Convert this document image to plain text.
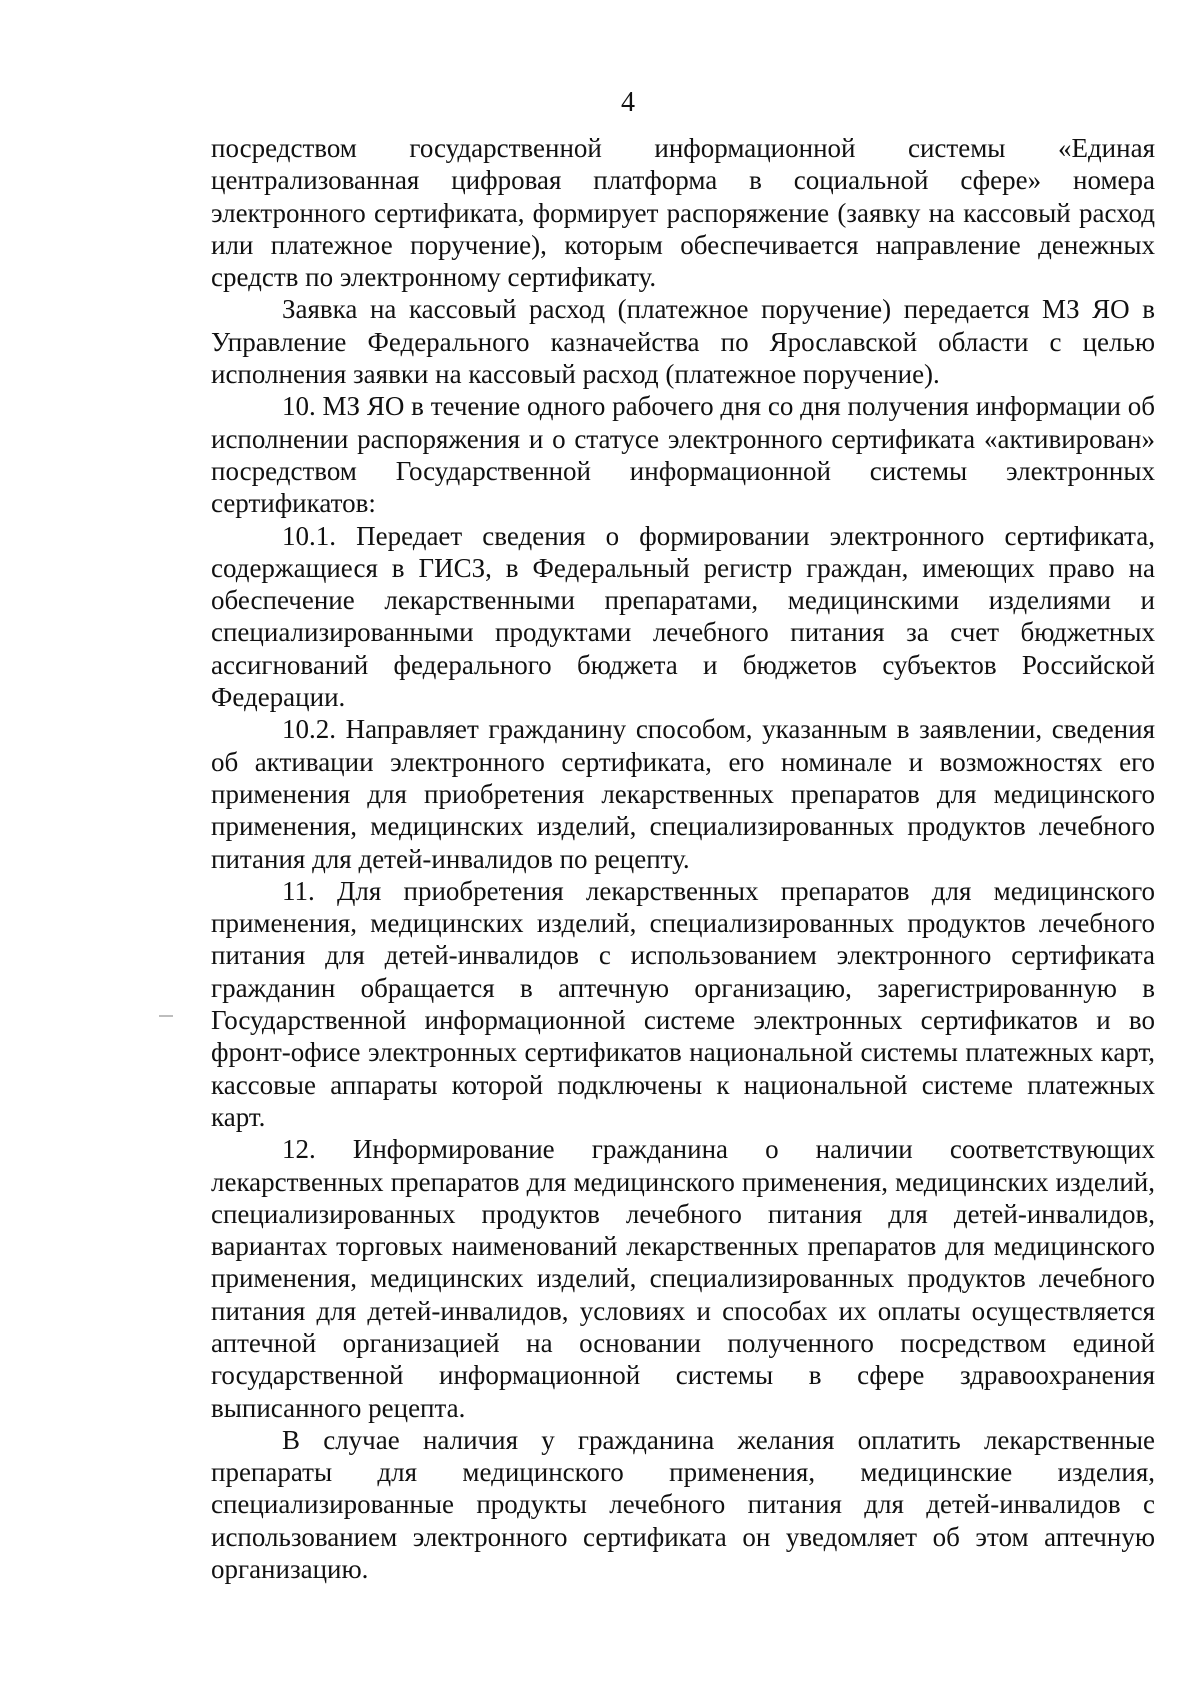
4

посредством государственной информационной системы «Единая централизованная цифровая платформа в социальной сфере» номера электронного сертификата, формирует распоряжение (заявку на кассовый расход или платежное поручение), которым обеспечивается направление денежных средств по электронному сертификату.

Заявка на кассовый расход (платежное поручение) передается МЗ ЯО в Управление Федерального казначейства по Ярославской области с целью исполнения заявки на кассовый расход (платежное поручение).

10. МЗ ЯО в течение одного рабочего дня со дня получения информации об исполнении распоряжения и о статусе электронного сертификата «активирован» посредством Государственной информационной системы электронных сертификатов:

10.1. Передает сведения о формировании электронного сертификата, содержащиеся в ГИСЗ, в Федеральный регистр граждан, имеющих право на обеспечение лекарственными препаратами, медицинскими изделиями и специализированными продуктами лечебного питания за счет бюджетных ассигнований федерального бюджета и бюджетов субъектов Российской Федерации.

10.2. Направляет гражданину способом, указанным в заявлении, сведения об активации электронного сертификата, его номинале и возможностях его применения для приобретения лекарственных препаратов для медицинского применения, медицинских изделий, специализированных продуктов лечебного питания для детей-инвалидов по рецепту.

11. Для приобретения лекарственных препаратов для медицинского применения, медицинских изделий, специализированных продуктов лечебного питания для детей-инвалидов с использованием электронного сертификата гражданин обращается в аптечную организацию, зарегистрированную в Государственной информационной системе электронных сертификатов и во фронт-офисе электронных сертификатов национальной системы платежных карт, кассовые аппараты которой подключены к национальной системе платежных карт.

12. Информирование гражданина о наличии соответствующих лекарственных препаратов для медицинского применения, медицинских изделий, специализированных продуктов лечебного питания для детей-инвалидов, вариантах торговых наименований лекарственных препаратов для медицинского применения, медицинских изделий, специализированных продуктов лечебного питания для детей-инвалидов, условиях и способах их оплаты осуществляется аптечной организацией на основании полученного посредством единой государственной информационной системы в сфере здравоохранения выписанного рецепта.

В случае наличия у гражданина желания оплатить лекарственные препараты для медицинского применения, медицинские изделия, специализированные продукты лечебного питания для детей-инвалидов с использованием электронного сертификата он уведомляет об этом аптечную организацию.
